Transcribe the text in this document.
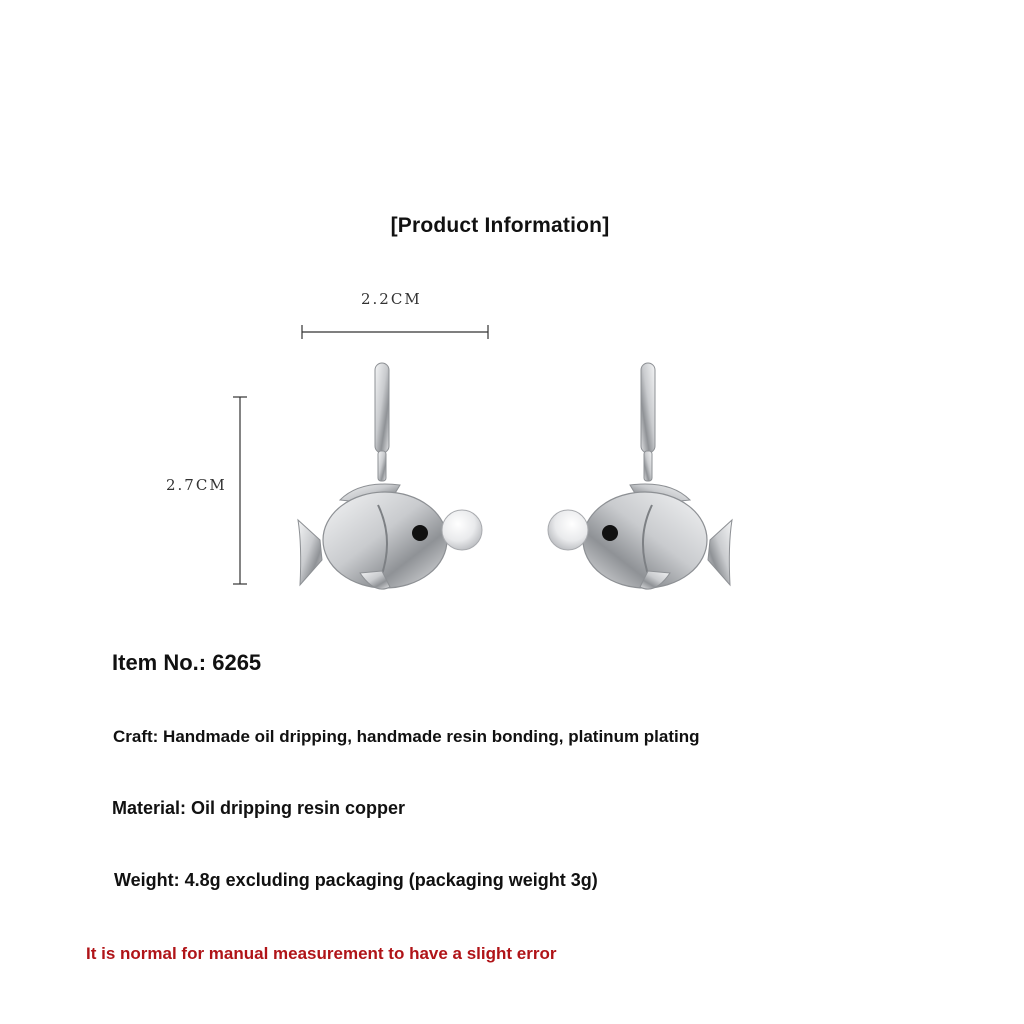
[Product Information]
2.2CM
2.7CM
Item No.: 6265
Craft: Handmade oil dripping, handmade resin bonding, platinum plating
Material: Oil dripping resin copper
Weight: 4.8g excluding packaging (packaging weight 3g)
It is normal for manual measurement to have a slight error
